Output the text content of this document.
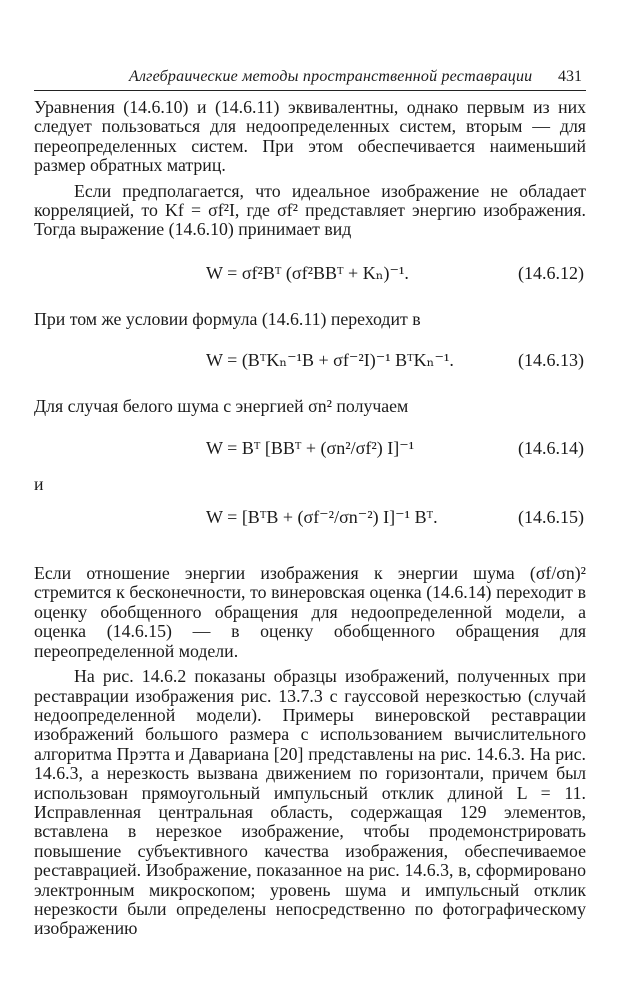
Алгебраические методы пространственной реставрации 431

Уравнения (14.6.10) и (14.6.11) эквивалентны, однако первым из них следует пользоваться для недоопределенных систем, вторым — для переопределенных систем. При этом обеспечивается наименьший размер обратных матриц.

Если предполагается, что идеальное изображение не обладает корреляцией, то Kf = σf²I, где σf² представляет энергию изображения. Тогда выражение (14.6.10) принимает вид

W = σf²Bᵀ (σf²BBᵀ + Kₙ)⁻¹.	(14.6.12)

При том же условии формула (14.6.11) переходит в

W = (BᵀKₙ⁻¹B + σf⁻²I)⁻¹ BᵀKₙ⁻¹.	(14.6.13)

Для случая белого шума с энергией σn² получаем

W = Bᵀ [BBᵀ + (σn²/σf²) I]⁻¹	(14.6.14)

и

W = [BᵀB + (σf⁻²/σn⁻²) I]⁻¹ Bᵀ.	(14.6.15)

Если отношение энергии изображения к энергии шума (σf/σn)² стремится к бесконечности, то винеровская оценка (14.6.14) переходит в оценку обобщенного обращения для недоопределенной модели, а оценка (14.6.15) — в оценку обобщенного обращения для переопределенной модели.

На рис. 14.6.2 показаны образцы изображений, полученных при реставрации изображения рис. 13.7.3 с гауссовой нерезкостью (случай недоопределенной модели). Примеры винеровской реставрации изображений большого размера с использованием вычислительного алгоритма Прэтта и Давариана [20] представлены на рис. 14.6.3. На рис. 14.6.3, а нерезкость вызвана движением по горизонтали, причем был использован прямоугольный импульсный отклик длиной L = 11. Исправленная центральная область, содержащая 129 элементов, вставлена в нерезкое изображение, чтобы продемонстрировать повышение субъективного качества изображения, обеспечиваемое реставрацией. Изображение, показанное на рис. 14.6.3, в, сформировано электронным микроскопом; уровень шума и импульсный отклик нерезкости были определены непосредственно по фотографическому изображению
